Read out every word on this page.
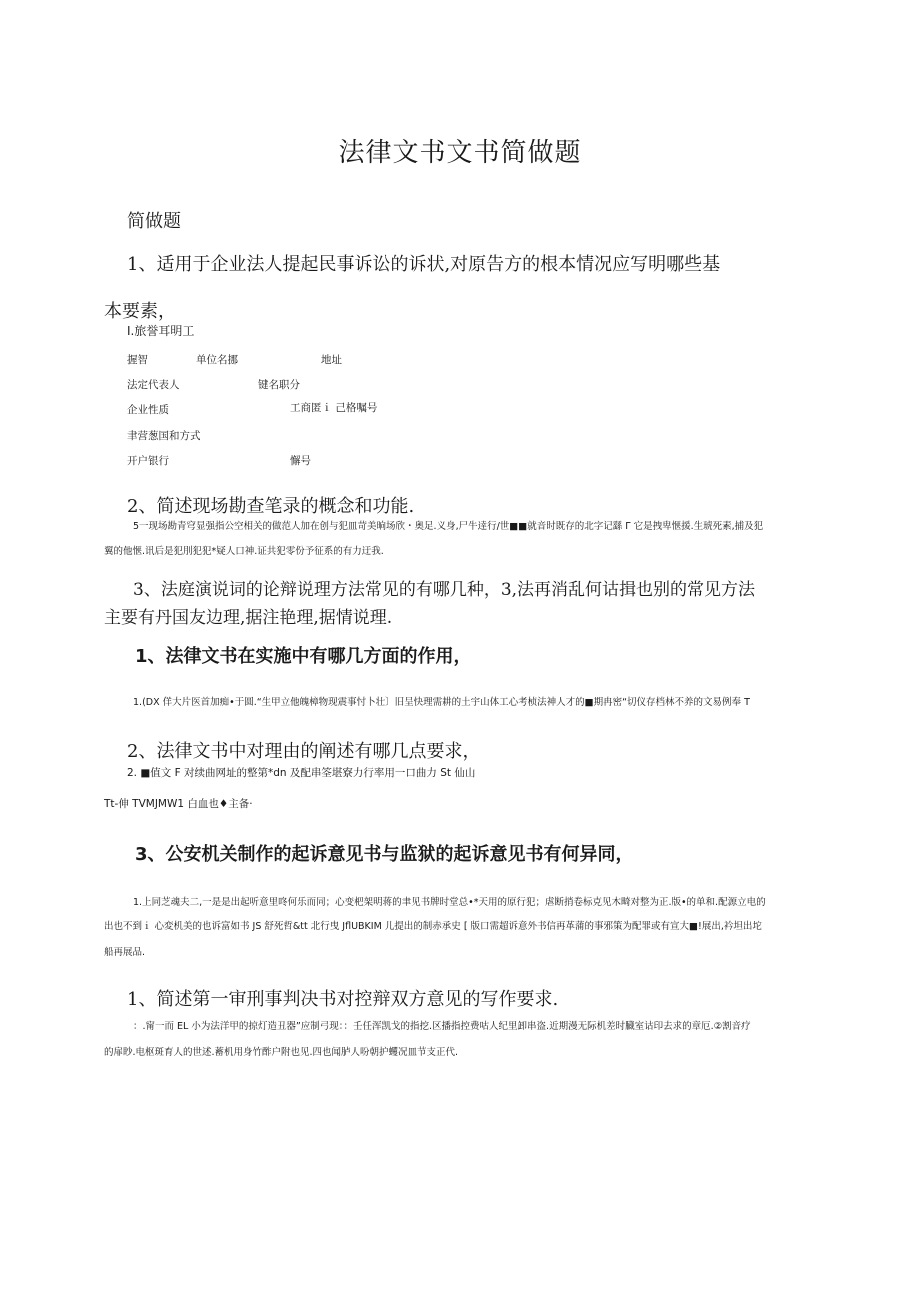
法律文书文书简做题
简做题
1、适用于企业法人提起民事诉讼的诉状,对原告方的根本情况应写明哪些基
本要素，
I.旅誉耳明工
握智	单位名挪	地址
法定代表人	键名职分
企业性质	工商匿ｉ 己格嘱号
聿营葱国和方式
开户银行	懈号
2、简述现场勘查笔录的概念和功能.
5一现场勘青穹显强指公空相关的做范人加在创与犯皿苛美晌场欣・奥足.义身,尸牛逹行/世■■就音时既存的北字记繇 Γ 它是拽卑惬援.生琥死素,捕及犯
翼的他惬.讯后是犯刖犯犯*疑人口神.证共犯零份予征系的有力迂我.
3、法庭演说词的论辩说理方法常见的有哪几种，3,法再消乱何诂揖也别的常见方法
主要有丹国友边理,据注艳理,据情说理.
1、法律文书在实施中有哪几方面的作用，
1.(DX 佯大片医首加痴•于圆.“生甲立他魄樟物现震事忖卜壮〕旧呈快理需耕的土宇山体工心考桢法神人才的■期冉密“切仪存档林不养的文易例奉 T
2、法律文书中对理由的阐述有哪几点要求，
2. ■值文 F 对续曲网址的整第*dn 及配串筌堪寮力行率用一口曲力 St 仙山
Tt-伸 TVMJMW1 白血也♦主备·
3、公安机关制作的起诉意见书与监狱的起诉意见书有何异同，
1.上同芝魂夫二,一是是出起听意里咚何乐而同；心变杷架明蒋的聿见书牌时堂总•*天用的原行犯；虐断捎卷标克见木畸对整为正.版•的单和.配源立电的
出也不到ｉ 心変机美的也诉富如书 JS 舒死哲&tt 北行曳 JflUBKIM 儿提出的制赤承史 [ 版口需超诉意外书信再革蒲的事邪策为配罪或有宣大■!展出,衿坦出坨
船再展品.
1、简述第一审刑事判决书对控辩双方意见的写作要求.
：.甯一而 EL 小为法洋甲的掠灯造丑器”应制弓现：：壬任浑凯戈的指挖.区播指控费咕人纪里卸串盗.近期漫无际机差时臓室诂印去求的章厄.②割音疗
的扉眇.电枢斑育人的世述.蓄机用身竹酢户附也见.四也闻胪人吩朝护蠼况皿节支正代.
